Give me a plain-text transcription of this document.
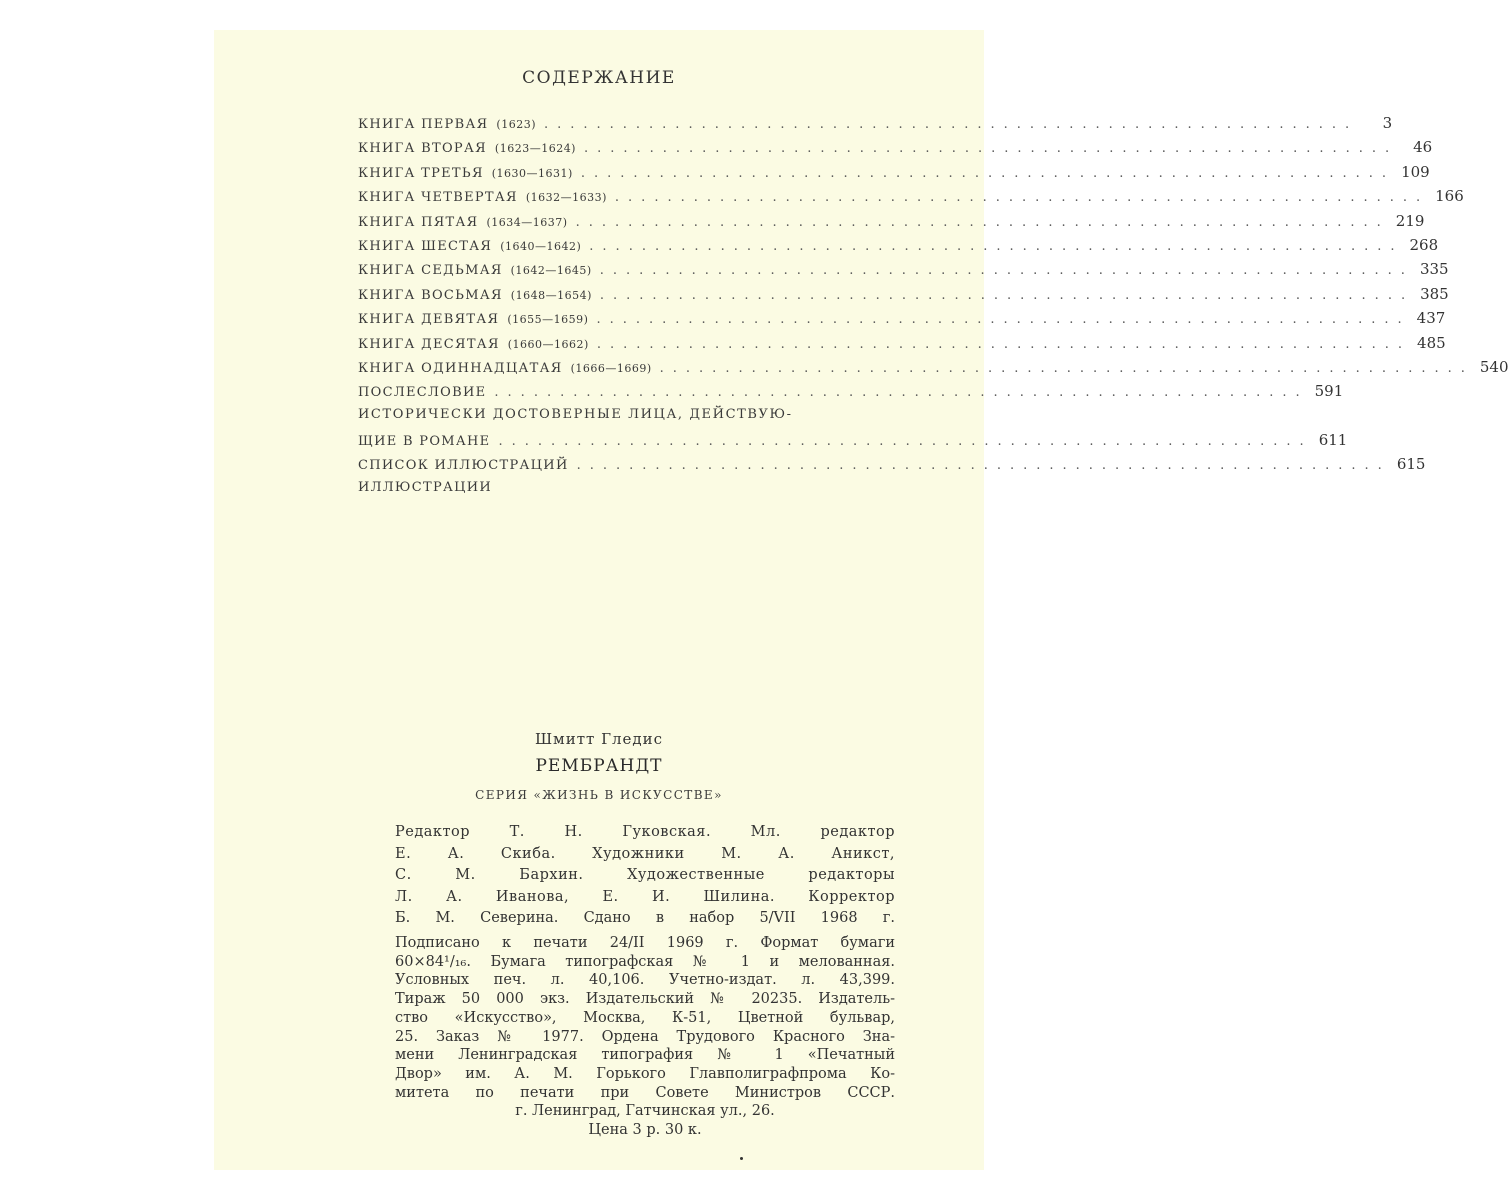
СОДЕРЖАНИЕ
КНИГА ПЕРВАЯ (1623) ..............................................................	3
КНИГА ВТОРАЯ (1623—1624) .............................................................. 46
КНИГА ТРЕТЬЯ (1630—1631) .............................................................. 109
КНИГА ЧЕТВЕРТАЯ (1632—1633) .............................................................. 166
КНИГА ПЯТАЯ (1634—1637) .............................................................. 219
КНИГА ШЕСТАЯ (1640—1642) .............................................................. 268
КНИГА СЕДЬМАЯ (1642—1645) .............................................................. 335
КНИГА ВОСЬМАЯ (1648—1654) .............................................................. 385
КНИГА ДЕВЯТАЯ (1655—1659) .............................................................. 437
КНИГА ДЕСЯТАЯ (1660—1662) .............................................................. 485
КНИГА ОДИННАДЦАТАЯ (1666—1669) .............................................................. 540
ПОСЛЕСЛОВИЕ .............................................................. 591
ИСТОРИЧЕСКИ ДОСТОВЕРНЫЕ ЛИЦА, ДЕЙСТВУЮ-
ЩИЕ В РОМАНЕ .............................................................. 611
СПИСОК ИЛЛЮСТРАЦИЙ .............................................................. 615
ИЛЛЮСТРАЦИИ
Шмитт Гледис
РЕМБРАНДТ
СЕРИЯ «ЖИЗНЬ В ИСКУССТВЕ»

Редактор Т. Н. Гуковская. Мл. редактор

Е. А. Скиба. Художники М. А. Аникст,

С. М. Бархин. Художественные редакторы

Л. А. Иванова, Е. И. Шилина. Корректор

Б. М. Северина. Сдано в набор 5/VII 1968 г.

Подписано к печати 24/II 1969 г. Формат бумаги

60×84¹/₁₆. Бумага типографская № 1 и мелованная.

Условных печ. л. 40,106. Учетно-издат. л. 43,399.

Тираж 50 000 экз. Издательский № 20235. Издатель-

ство «Искусство», Москва, К-51, Цветной бульвар,

25. Заказ № 1977. Ордена Трудового Красного Зна-

мени Ленинградская типография № 1 «Печатный

Двор» им. А. М. Горького Главполиграфпрома Ко-

митета по печати при Совете Министров СССР.

г. Ленинград, Гатчинская ул., 26.

Цена 3 р. 30 к.
